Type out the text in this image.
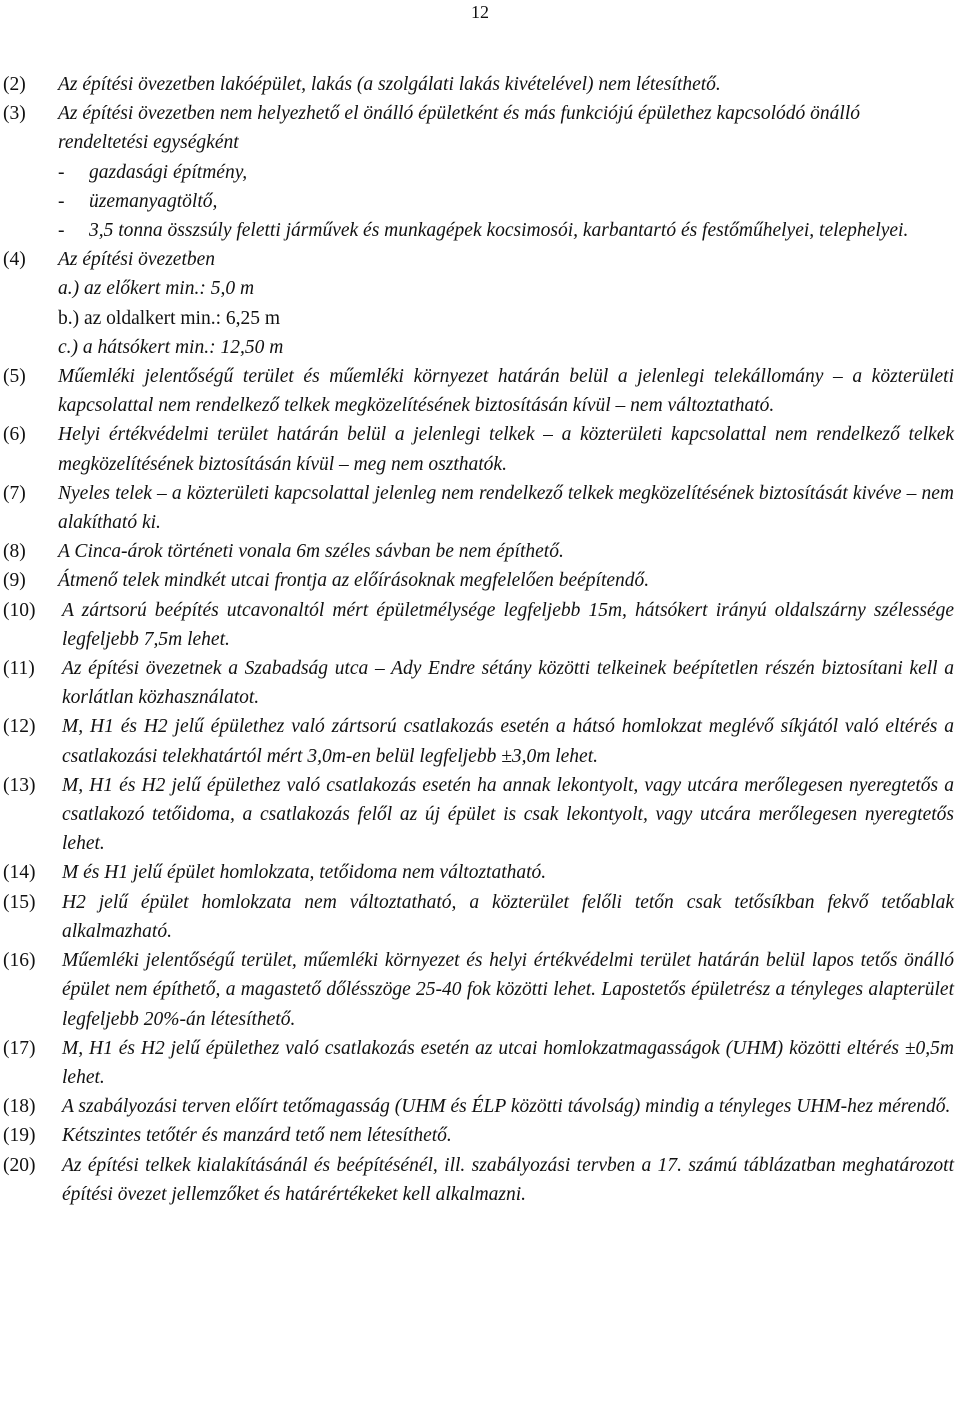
12
(2)	Az építési övezetben lakóépület, lakás (a szolgálati lakás kivételével) nem létesíthető.
(3) Az építési övezetben nem helyezhető el önálló épületként és más funkciójú épülethez kapcsolódó önálló rendeltetési egységként
- gazdasági építmény,
- üzemanyagtöltő,
- 3,5 tonna összsúly feletti járművek és munkagépek kocsimosói, karbantartó és festőműhelyei, telephelyei.
(4) Az építési övezetben
a.) az előkert min.: 5,0 m
b.) az oldalkert min.: 6,25 m
c.) a hátsókert min.: 12,50 m
(5)	Műemléki jelentőségű terület és műemléki környezet határán belül a jelenlegi telekállomány – a közterületi kapcsolattal nem rendelkező telkek megközelítésének biztosításán kívül – nem változtatható.
(6)	Helyi értékvédelmi terület határán belül a jelenlegi telkek – a közterületi kapcsolattal nem rendelkező telkek megközelítésének biztosításán kívül – meg nem oszthatók.
(7)	Nyeles telek – a közterületi kapcsolattal jelenleg nem rendelkező telkek megközelítésének biztosítását kivéve – nem alakítható ki.
(8)	A Cinca-árok történeti vonala 6m széles sávban be nem építhető.
(9)	Átmenő telek mindkét utcai frontja az előírásoknak megfelelően beépítendő.
(10)	A zártsorú beépítés utcavonaltól mért épületmélysége legfeljebb 15m, hátsókert irányú oldalszárny szélessége legfeljebb 7,5m lehet.
(11)	Az építési övezetnek a Szabadság utca – Ady Endre sétány közötti telkeinek beépítetlen részén biztosítani kell a korlátlan közhasználatot.
(12)	M, H1 és H2 jelű épülethez való zártsorú csatlakozás esetén a hátsó homlokzat meglévő síkjától való eltérés a csatlakozási telekhatártól mért 3,0m-en belül legfeljebb ±3,0m lehet.
(13)	M, H1 és H2 jelű épülethez való csatlakozás esetén ha annak lekontyolt, vagy utcára merőlegesen nyeregtetős a csatlakozó tetőidoma, a csatlakozás felől az új épület is csak lekontyolt, vagy utcára merőlegesen nyeregtetős lehet.
(14)	M és H1 jelű épület homlokzata, tetőidoma nem változtatható.
(15)	H2 jelű épület homlokzata nem változtatható, a közterület felőli tetőn csak tetősíkban fekvő tetőablak alkalmazható.
(16)	Műemléki jelentőségű terület, műemléki környezet és helyi értékvédelmi terület határán belül lapos tetős önálló épület nem építhető, a magastető dőlésszöge 25-40 fok közötti lehet. Lapostetős épületrész a tényleges alapterület legfeljebb 20%-án létesíthető.
(17)	M, H1 és H2 jelű épülethez való csatlakozás esetén az utcai homlokzatmagasságok (UHM) közötti eltérés ±0,5m lehet.
(18)	A szabályozási terven előírt tetőmagasság (UHM és ÉLP közötti távolság) mindig a tényleges UHM-hez mérendő.
(19)	Kétszintes tetőtér és manzárd tető nem létesíthető.
(20)	Az építési telkek kialakításánál és beépítésénél, ill. szabályozási tervben a 17. számú táblázatban meghatározott építési övezet jellemzőket és határértékeket kell alkalmazni.
